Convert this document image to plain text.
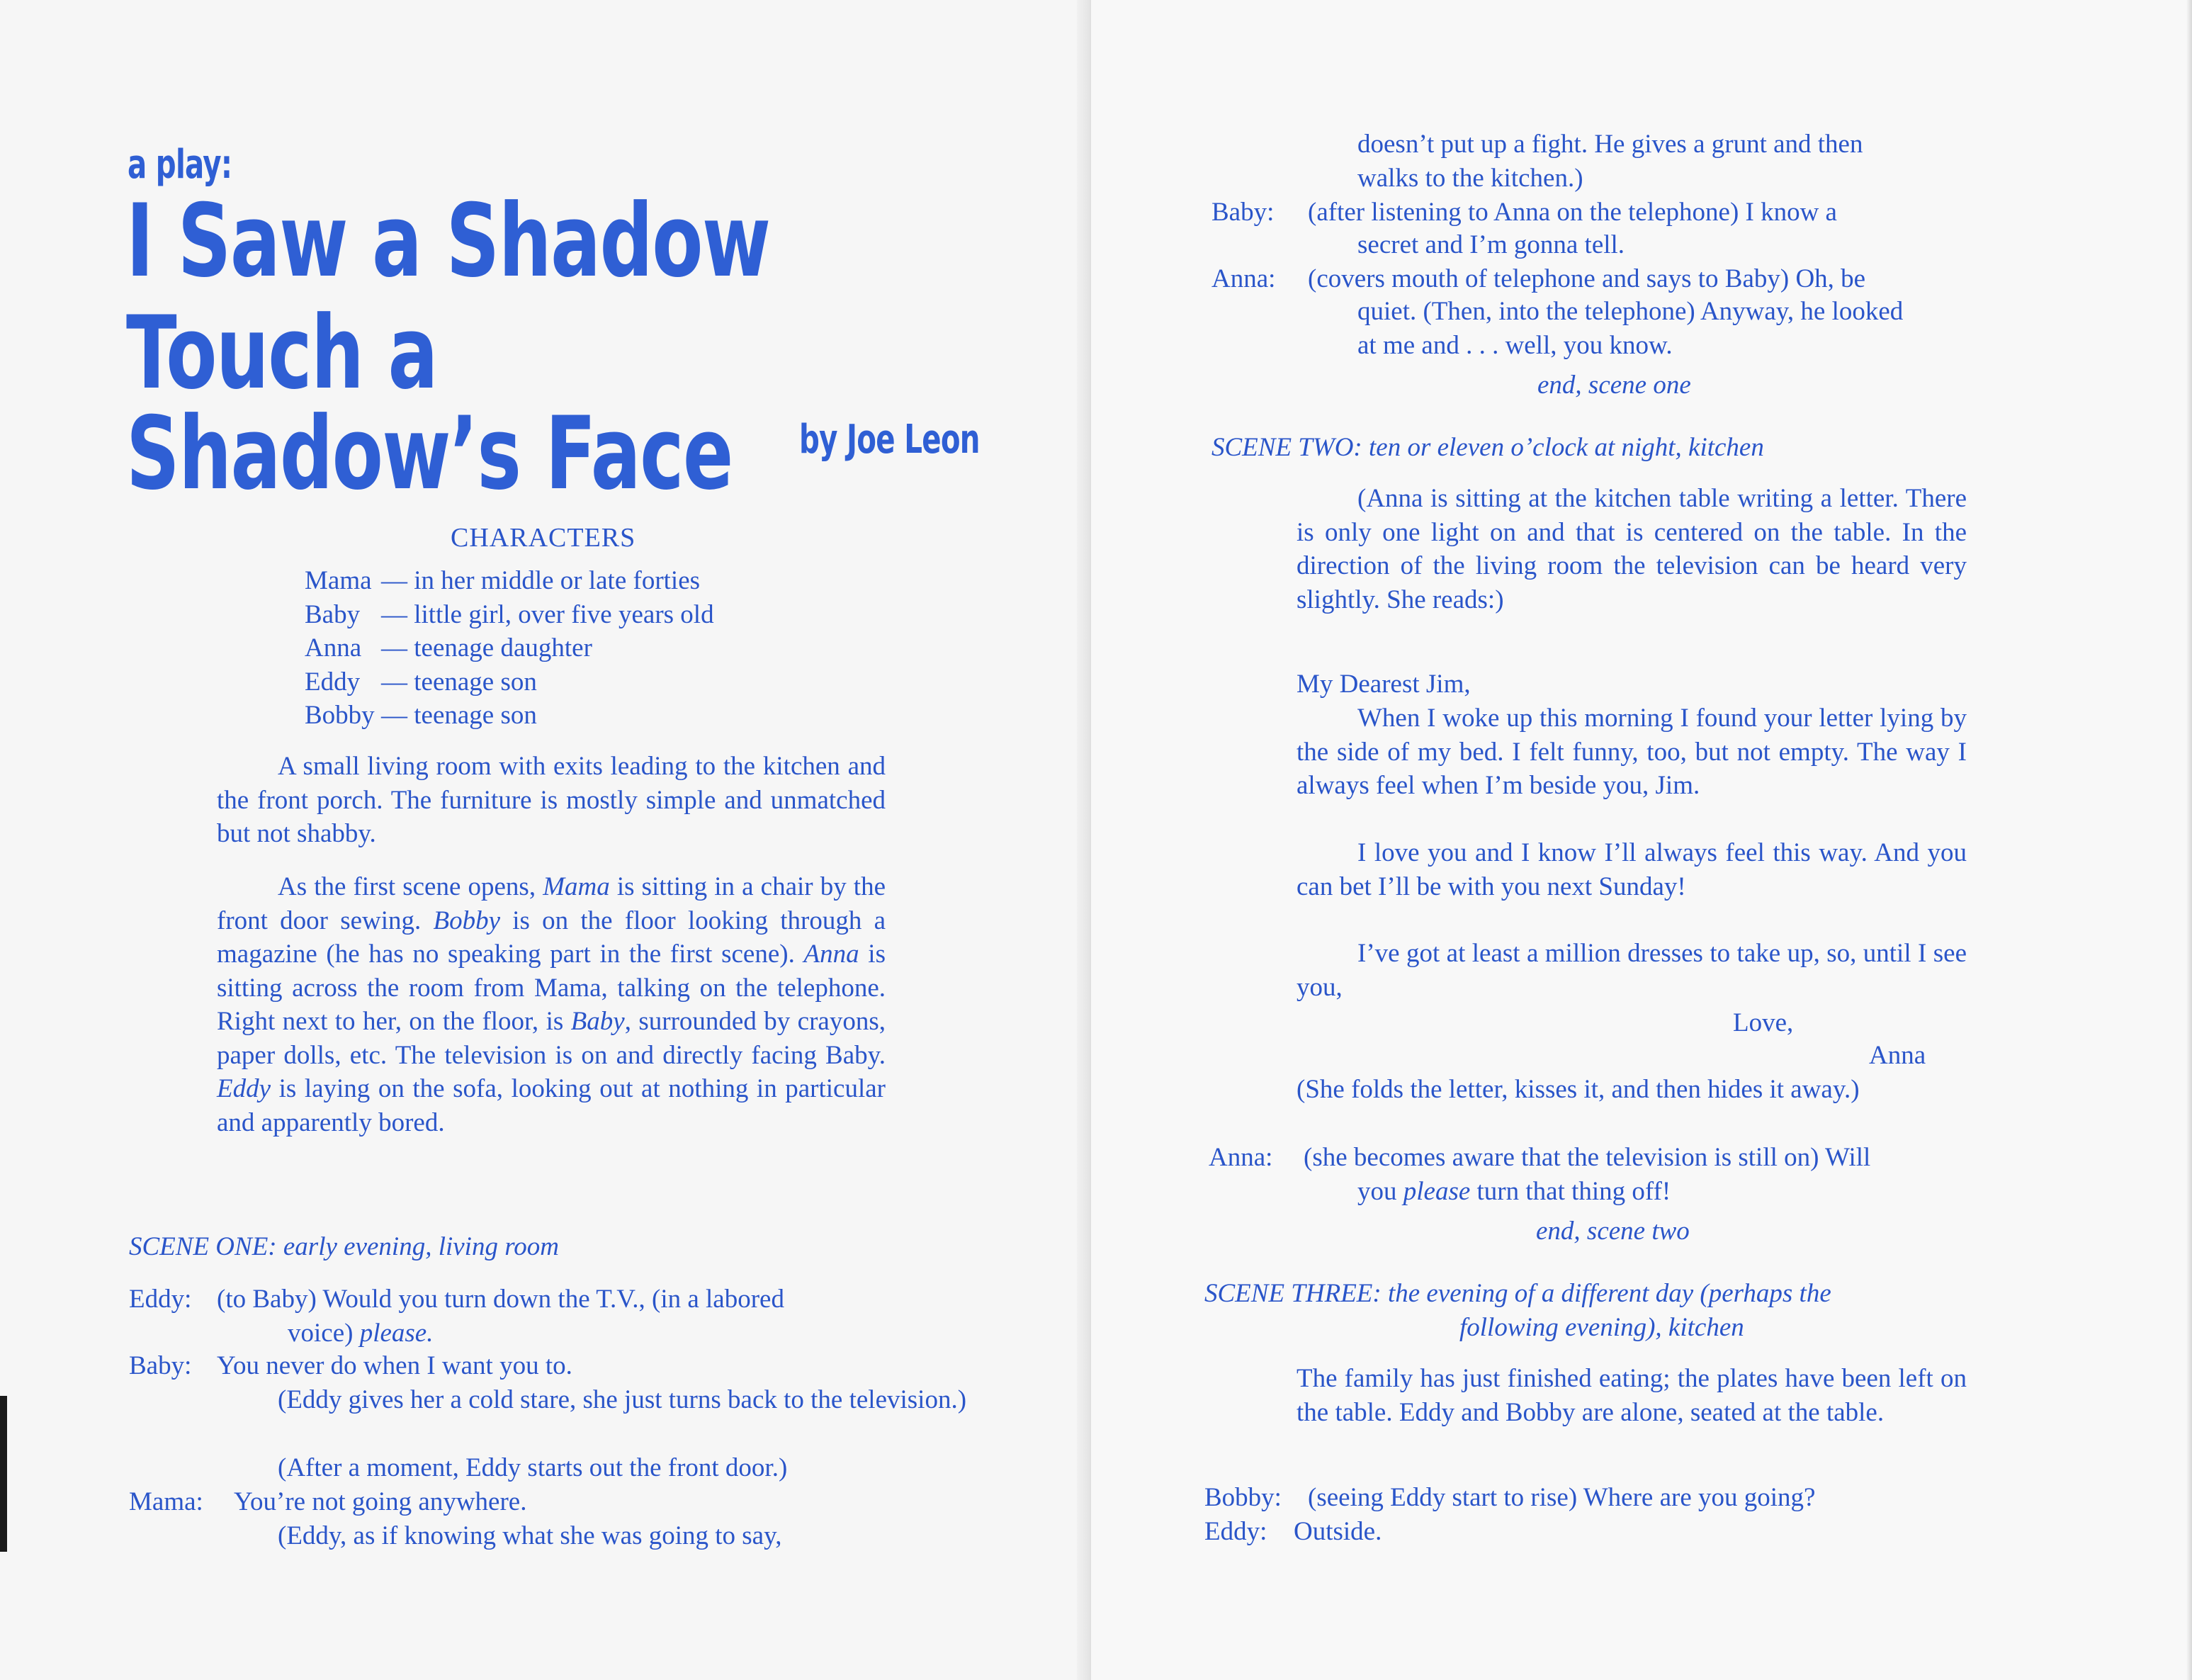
a play:
I Saw a Shadow
Touch a Shadow’s Face	by Joe Leon
CHARACTERS
Mama	— in her middle or late forties
Baby	— little girl, over five years old
Anna	— teenage daughter
Eddy	— teenage son
Bobby	— teenage son
A small living room with exits leading to the kitchen and the front porch. The furniture is mostly simple and unmatched but not shabby.
As the first scene opens, Mama is sitting in a chair by the front door sewing. Bobby is on the floor looking through a magazine (he has no speaking part in the first scene). Anna is sitting across the room from Mama, talking on the telephone. Right next to her, on the floor, is Baby, surrounded by crayons, paper dolls, etc. The television is on and directly facing Baby. Eddy is laying on the sofa, looking out at nothing in particular and apparently bored.
SCENE ONE: early evening, living room
Eddy: (to Baby) Would you turn down the T.V., (in a labored
voice) please.
Baby: You never do when I want you to.
(Eddy gives her a cold stare, she just turns back to the television.)
(After a moment, Eddy starts out the front door.)
Mama: You’re not going anywhere.
(Eddy, as if knowing what she was going to say,
doesn’t put up a fight. He gives a grunt and then
walks to the kitchen.)
Baby: (after listening to Anna on the telephone) I know a
secret and I’m gonna tell.
Anna: (covers mouth of telephone and says to Baby) Oh, be
quiet. (Then, into the telephone) Anyway, he looked
at me and . . . well, you know.
end, scene one
SCENE TWO: ten or eleven o’clock at night, kitchen
(Anna is sitting at the kitchen table writing a letter. There is only one light on and that is centered on the table. In the direction of the living room the television can be heard very slightly. She reads:)
My Dearest Jim,
When I woke up this morning I found your letter lying by the side of my bed. I felt funny, too, but not empty. The way I always feel when I’m beside you, Jim.
I love you and I know I’ll always feel this way. And you can bet I’ll be with you next Sunday!
I’ve got at least a million dresses to take up, so, until I see you,
Love,
Anna
(She folds the letter, kisses it, and then hides it away.)
Anna: (she becomes aware that the television is still on) Will
you please turn that thing off!
end, scene two
SCENE THREE: the evening of a different day (perhaps the
following evening), kitchen
The family has just finished eating; the plates have been left on the table. Eddy and Bobby are alone, seated at the table.
Bobby: (seeing Eddy start to rise) Where are you going?
Eddy: Outside.
